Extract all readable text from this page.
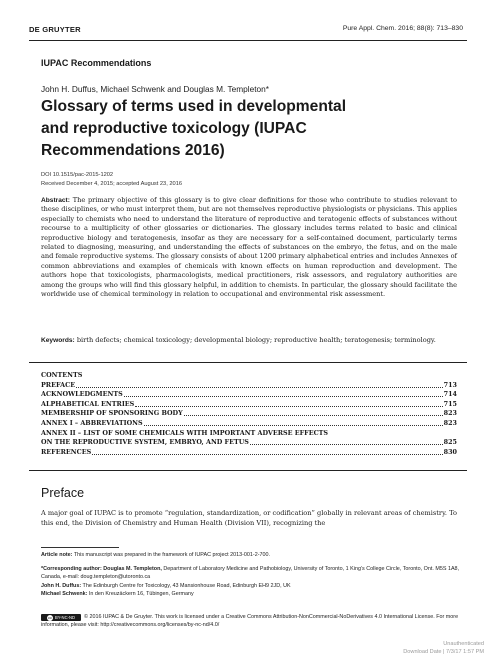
DE GRUYTER	Pure Appl. Chem. 2016; 88(8): 713–830
IUPAC Recommendations
John H. Duffus, Michael Schwenk and Douglas M. Templeton*
Glossary of terms used in developmental
and reproductive toxicology (IUPAC
Recommendations 2016)
DOI 10.1515/pac-2015-1202
Received December 4, 2015; accepted August 23, 2016
Abstract: The primary objective of this glossary is to give clear definitions for those who contribute to studies relevant to these disciplines, or who must interpret them, but are not themselves reproductive physiologists or physicians. This applies especially to chemists who need to understand the literature of reproductive and teratogenic effects of substances without recourse to a multiplicity of other glossaries or dictionaries. The glossary includes terms related to basic and clinical reproductive biology and teratogenesis, insofar as they are necessary for a self-contained document, particularly terms related to diagnosing, measuring, and understanding the effects of substances on the embryo, the fetus, and on the male and female reproductive systems. The glossary consists of about 1200 primary alphabetical entries and includes Annexes of common abbreviations and examples of chemicals with known effects on human reproduction and development. The authors hope that toxicologists, pharmacologists, medical practitioners, risk assessors, and regulatory authorities are among the groups who will find this glossary helpful, in addition to chemists. In particular, the glossary should facilitate the worldwide use of chemical terminology in relation to occupational and environmental risk assessment.
Keywords: birth defects; chemical toxicology; developmental biology; reproductive health; teratogenesis; terminology.
CONTENTS
PREFACE	713
ACKNOWLEDGMENTS	714
ALPHABETICAL ENTRIES	715
MEMBERSHIP OF SPONSORING BODY	823
ANNEX I – ABBREVIATIONS	823
ANNEX II – LIST OF SOME CHEMICALS WITH IMPORTANT ADVERSE EFFECTS
ON THE REPRODUCTIVE SYSTEM, EMBRYO, AND FETUS	825
REFERENCES	830
Preface
A major goal of IUPAC is to promote “regulation, standardization, or codification” globally in relevant areas of chemistry. To this end, the Division of Chemistry and Human Health (Division VII), recognizing the
Article note: This manuscript was prepared in the framework of IUPAC project 2013-001-2-700.
*Corresponding author: Douglas M. Templeton, Department of Laboratory Medicine and Pathobiology, University of Toronto, 1 King’s College Circle, Toronto, Ont. M5S 1A8, Canada, e-mail: doug.templeton@utoronto.ca
John H. Duffus: The Edinburgh Centre for Toxicology, 43 Mansionhouse Road, Edinburgh EH9 2JD, UK
Michael Schwenk: In den Kreuzäckern 16, Tübingen, Germany
cc BY-NC-ND © 2016 IUPAC & De Gruyter. This work is licensed under a Creative Commons Attribution-NonCommercial-NoDerivatives 4.0 International License. For more information, please visit: http://creativecommons.org/licenses/by-nc-nd/4.0/
Unauthenticated
Download Date | 7/3/17 1:57 PM
